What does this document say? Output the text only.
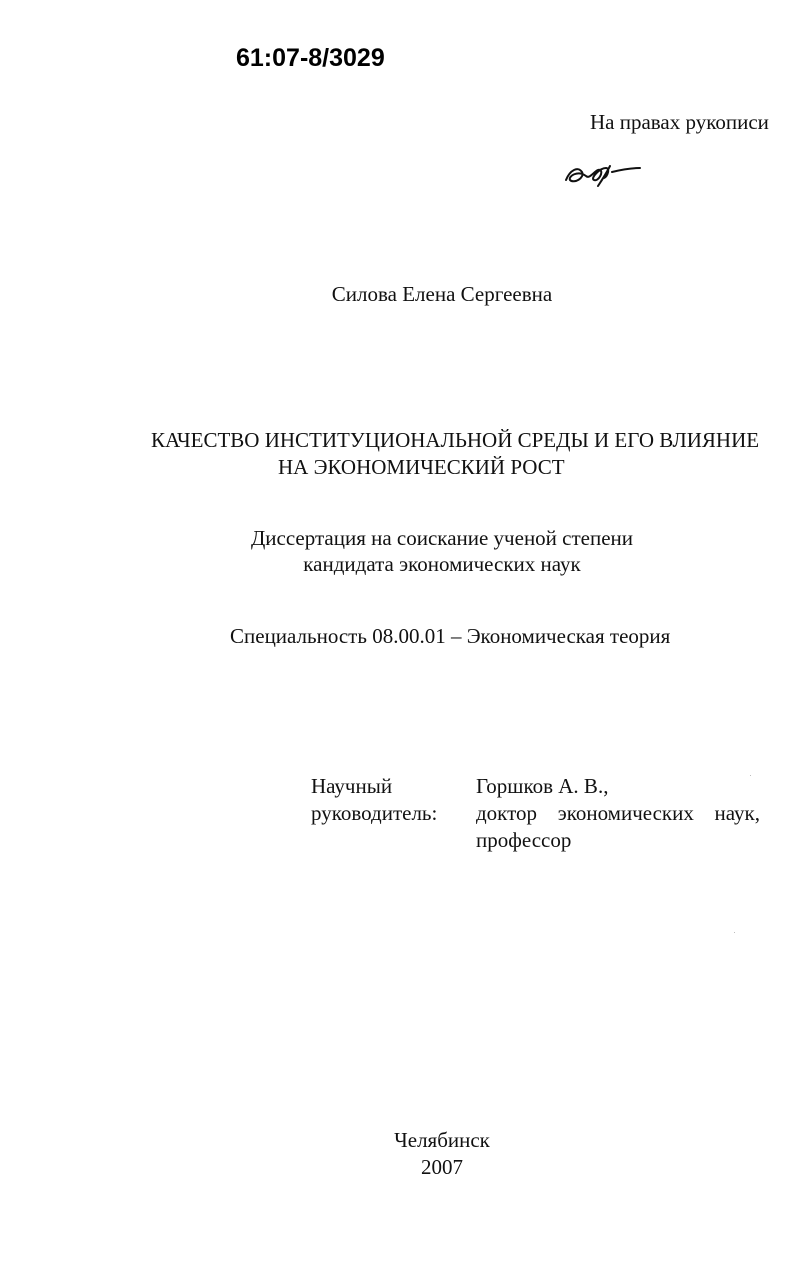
61:07-8/3029
На правах рукописи
Силова Елена Сергеевна
КАЧЕСТВО ИНСТИТУЦИОНАЛЬНОЙ СРЕДЫ И ЕГО ВЛИЯНИЕ
НА ЭКОНОМИЧЕСКИЙ РОСТ
Диссертация на соискание ученой степени
кандидата экономических наук
Специальность 08.00.01 – Экономическая теория
Научный
руководитель:
Горшков А. В.,
доктор экономических наук,
профессор
Челябинск
2007
